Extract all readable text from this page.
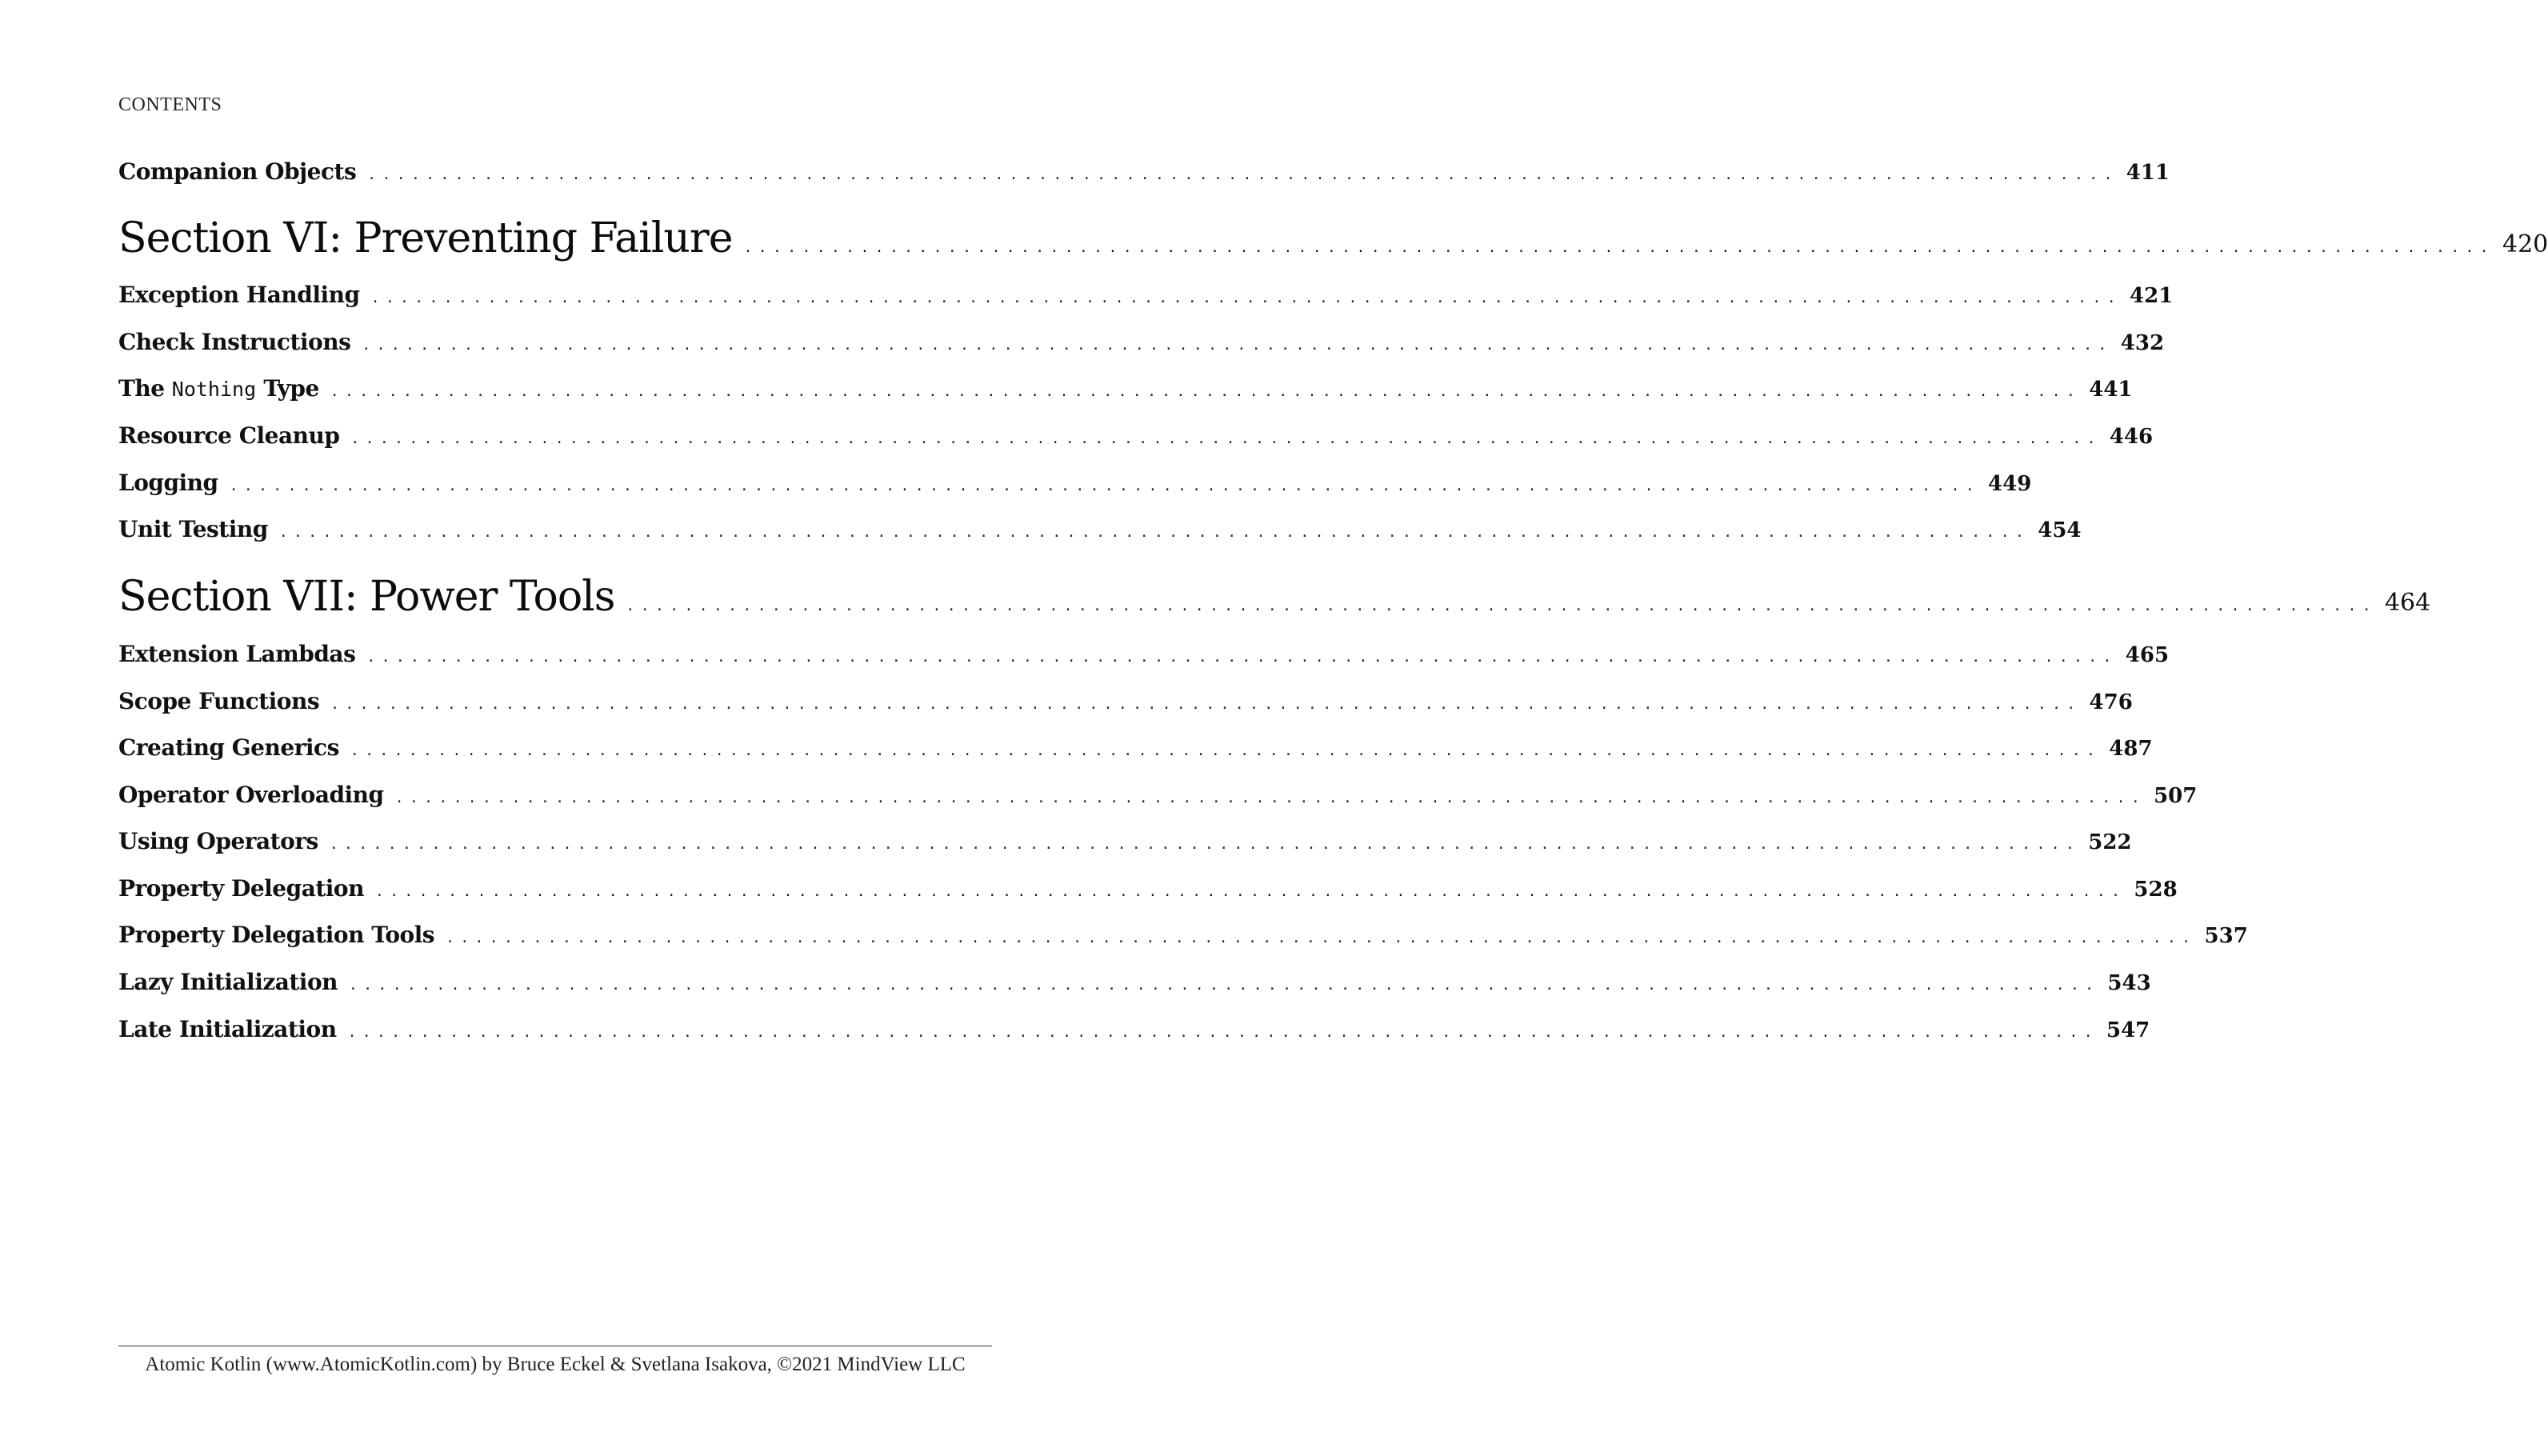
CONTENTS
Companion Objects ........................................................................................................................ 411
Section VI: Preventing Failure ........................................................................................................................ 420
Exception Handling ........................................................................................................................ 421
Check Instructions ........................................................................................................................ 432
The Nothing Type ........................................................................................................................ 441
Resource Cleanup ........................................................................................................................ 446
Logging ........................................................................................................................ 449
Unit Testing ........................................................................................................................ 454
Section VII: Power Tools ........................................................................................................................ 464
Extension Lambdas ........................................................................................................................ 465
Scope Functions ........................................................................................................................ 476
Creating Generics ........................................................................................................................ 487
Operator Overloading ........................................................................................................................ 507
Using Operators ........................................................................................................................ 522
Property Delegation ........................................................................................................................ 528
Property Delegation Tools ........................................................................................................................ 537
Lazy Initialization ........................................................................................................................ 543
Late Initialization ........................................................................................................................ 547
Atomic Kotlin (www.AtomicKotlin.com) by Bruce Eckel & Svetlana Isakova, ©2021 MindView LLC
